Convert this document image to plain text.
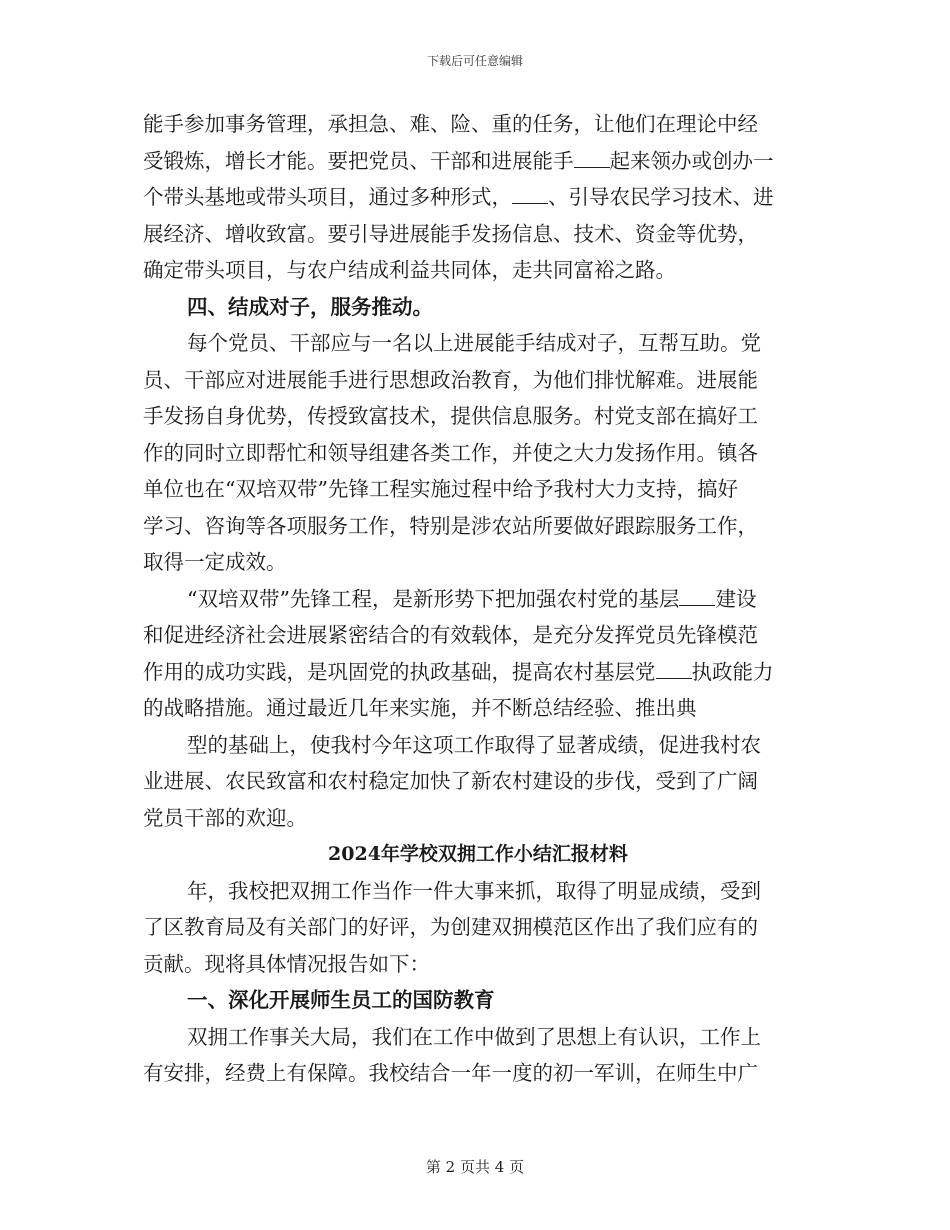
下载后可任意编辑
能手参加事务管理，承担急、难、险、重的任务，让他们在理论中经
受锻炼，增长才能。要把党员、干部和进展能手 起来领办或创办一
个带头基地或带头项目，通过多种形式， 、引导农民学习技术、进
展经济、增收致富。要引导进展能手发扬信息、技术、资金等优势，
确定带头项目，与农户结成利益共同体，走共同富裕之路。
四、结成对子，服务推动。
每个党员、干部应与一名以上进展能手结成对子，互帮互助。党
员、干部应对进展能手进行思想政治教育，为他们排忧解难。进展能
手发扬自身优势，传授致富技术，提供信息服务。村党支部在搞好工
作的同时立即帮忙和领导组建各类工作，并使之大力发扬作用。镇各
单位也在“双培双带”先锋工程实施过程中给予我村大力支持，搞好
学习、咨询等各项服务工作，特别是涉农站所要做好跟踪服务工作，
取得一定成效。
“双培双带”先锋工程，是新形势下把加强农村党的基层 建设
和促进经济社会进展紧密结合的有效载体，是充分发挥党员先锋模范
作用的成功实践，是巩固党的执政基础，提高农村基层党 执政能力
的战略措施。通过最近几年来实施，并不断总结经验、推出典
型的基础上，使我村今年这项工作取得了显著成绩，促进我村农
业进展、农民致富和农村稳定加快了新农村建设的步伐，受到了广阔
党员干部的欢迎。
2024年学校双拥工作小结汇报材料
年，我校把双拥工作当作一件大事来抓，取得了明显成绩，受到
了区教育局及有关部门的好评，为创建双拥模范区作出了我们应有的
贡献。现将具体情况报告如下：
一、深化开展师生员工的国防教育
双拥工作事关大局，我们在工作中做到了思想上有认识，工作上
有安排，经费上有保障。我校结合一年一度的初一军训，在师生中广
第 2 页共 4 页
